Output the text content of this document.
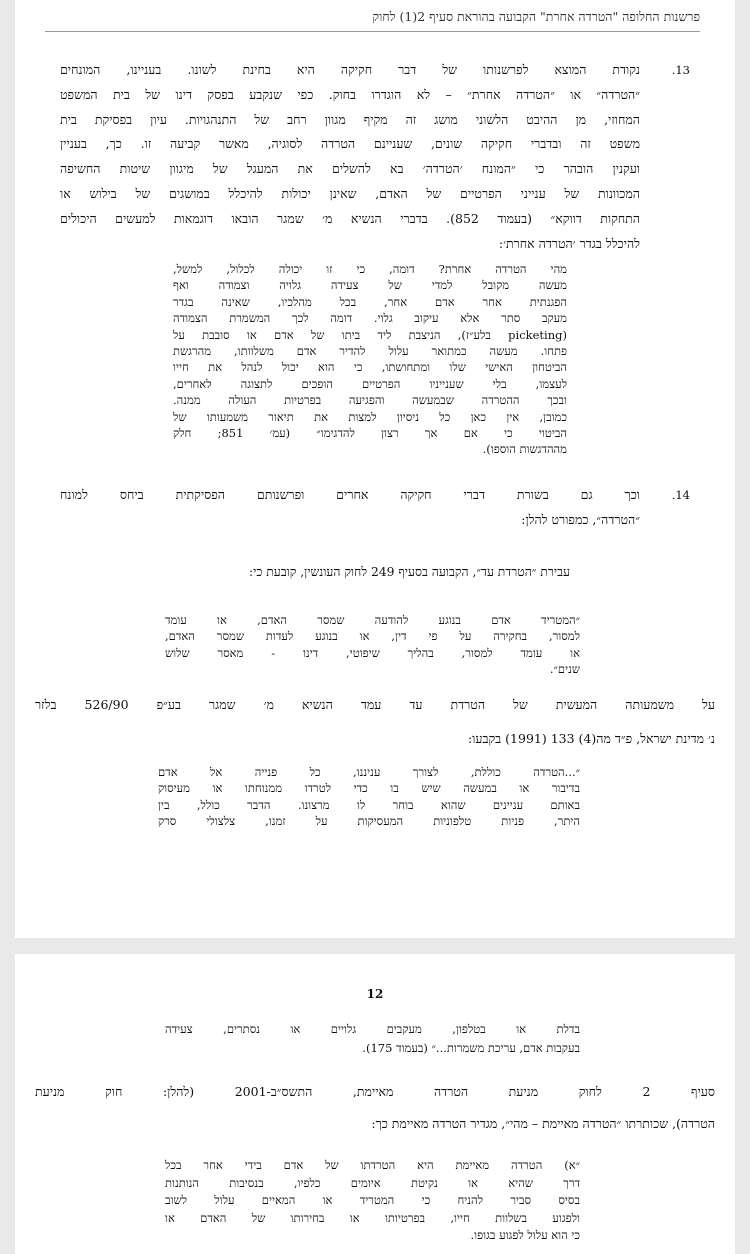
פרשנות החלופה "הטרדה אחרת" הקבועה בהוראת סעיף 2(1) לחוק
13.
נקודת המוצא לפרשנותו של דבר חקיקה היא בחינת לשונו. בעניינו, המונחים
״הטרדה״ או ״הטרדה אחרת״ – לא הוגדרו בחוק. כפי שנקבע בפסק דינו של בית המשפט
המחוזי, מן ההיבט הלשוני מושג זה מקיף מגוון רחב של התנהגויות. עיון בפסיקת בית
משפט זה ובדברי חקיקה שונים, שעניינם הטרדה לסוגיה, מאשר קביעה זו. כך, בעניין
ועקנין הובהר כי ״המונח ׳הטרדה׳ בא להשלים את המעגל של מיגוון שיטות החשיפה
המכוונות של ענייני הפרטיים של האדם, שאינן יכולות להיכלל במושגים של בילוש או
התחקות דווקא״ (בעמוד 852). בדברי הנשיא מ׳ שמגר הובאו דוגמאות למעשים היכולים
להיכלל בגדר ׳הטרדה אחרת׳:
מהי הטרדה אחרת? דומה, כי זו יכולה לכלול, למשל,
מעשה מקובל למדי של צעידה גלויה וצמודה ואף
הפגנתית אחר אדם אחר, בכל מהלכיו, שאינה בגדר
מעקב סתר אלא עיקוב גלוי. דומה לכך המשמרת הצמודה
(picketing בלע״ז), הניצבת ליד ביתו של אדם או סובבת על
פתחו. מעשה כמתואר עלול להדיר אדם משלוותו, מהרגשת
הביטחון האישי שלו ומתחושתו, כי הוא יכול לנהל את חייו
לעצמו, בלי שענייניו הפרטיים הופכים לתצוגה לאחרים,
ובכך ההטרדה שבמעשה והפגיעה בפרטיות העולה ממנה.
כמובן, אין כאן כל ניסיון למצות את תיאור משמעותו של
הביטוי כי אם אך רצון להדגימו״ (עמ׳ 851; חלק
מההדגשות הוספו).
14.
וכך גם בשורת דברי חקיקה אחרים ופרשנותם הפסיקתית ביחס למונח
״הטרדה״, כמפורט להלן:
עבירת ״הטרדת עד״, הקבועה בסעיף 249 לחוק העונשין, קובעת כי:
״המטריד אדם בנוגע להודעה שמסר האדם, או עומד
למסור, בחקירה על פי דין, או בנוגע לעדות שמסר האדם,
או עומד למסור, בהליך שיפוטי, דינו - מאסר שלוש
שנים״.
על משמעותה המעשית של הטרדת עד עמד הנשיא מ׳ שמגר בע״פ 526/90 בלזר
נ׳ מדינת ישראל, פ״ד מה(4) 133 (1991) בקבעו:
״...הטרדה כוללת, לצורך עניננו, כל פנייה אל אדם
בדיבור או במעשה שיש בו כדי לטרדו ממנוחתו או מעיסוק
באותם עניינים שהוא בוחר לו מרצונו. הדבר כולל, בין
היתר, פניות טלפוניות המעסיקות על זמנו, צלצולי סרק
12
בדלת או בטלפון, מעקבים גלויים או נסתרים, צעידה
בעקבות אדם, עריכת משמרות...״ (בעמוד 175).
סעיף 2 לחוק מניעת הטרדה מאיימת, התשס״ב-2001 (להלן: חוק מניעת
הטרדה), שכותרתו ״הטרדה מאיימת – מהי״, מגדיר הטרדה מאיימת כך:
״א) הטרדה מאיימת היא הטרדתו של אדם בידי אחר בכל
דרך שהיא או נקיטת איומים כלפיו, בנסיבות הנותנות
בסיס סביר להניח כי המטריד או המאיים עלול לשוב
ולפגוע בשלוות חייו, בפרטיותו או בחירותו של האדם או
כי הוא עלול לפגוע בגופו.
